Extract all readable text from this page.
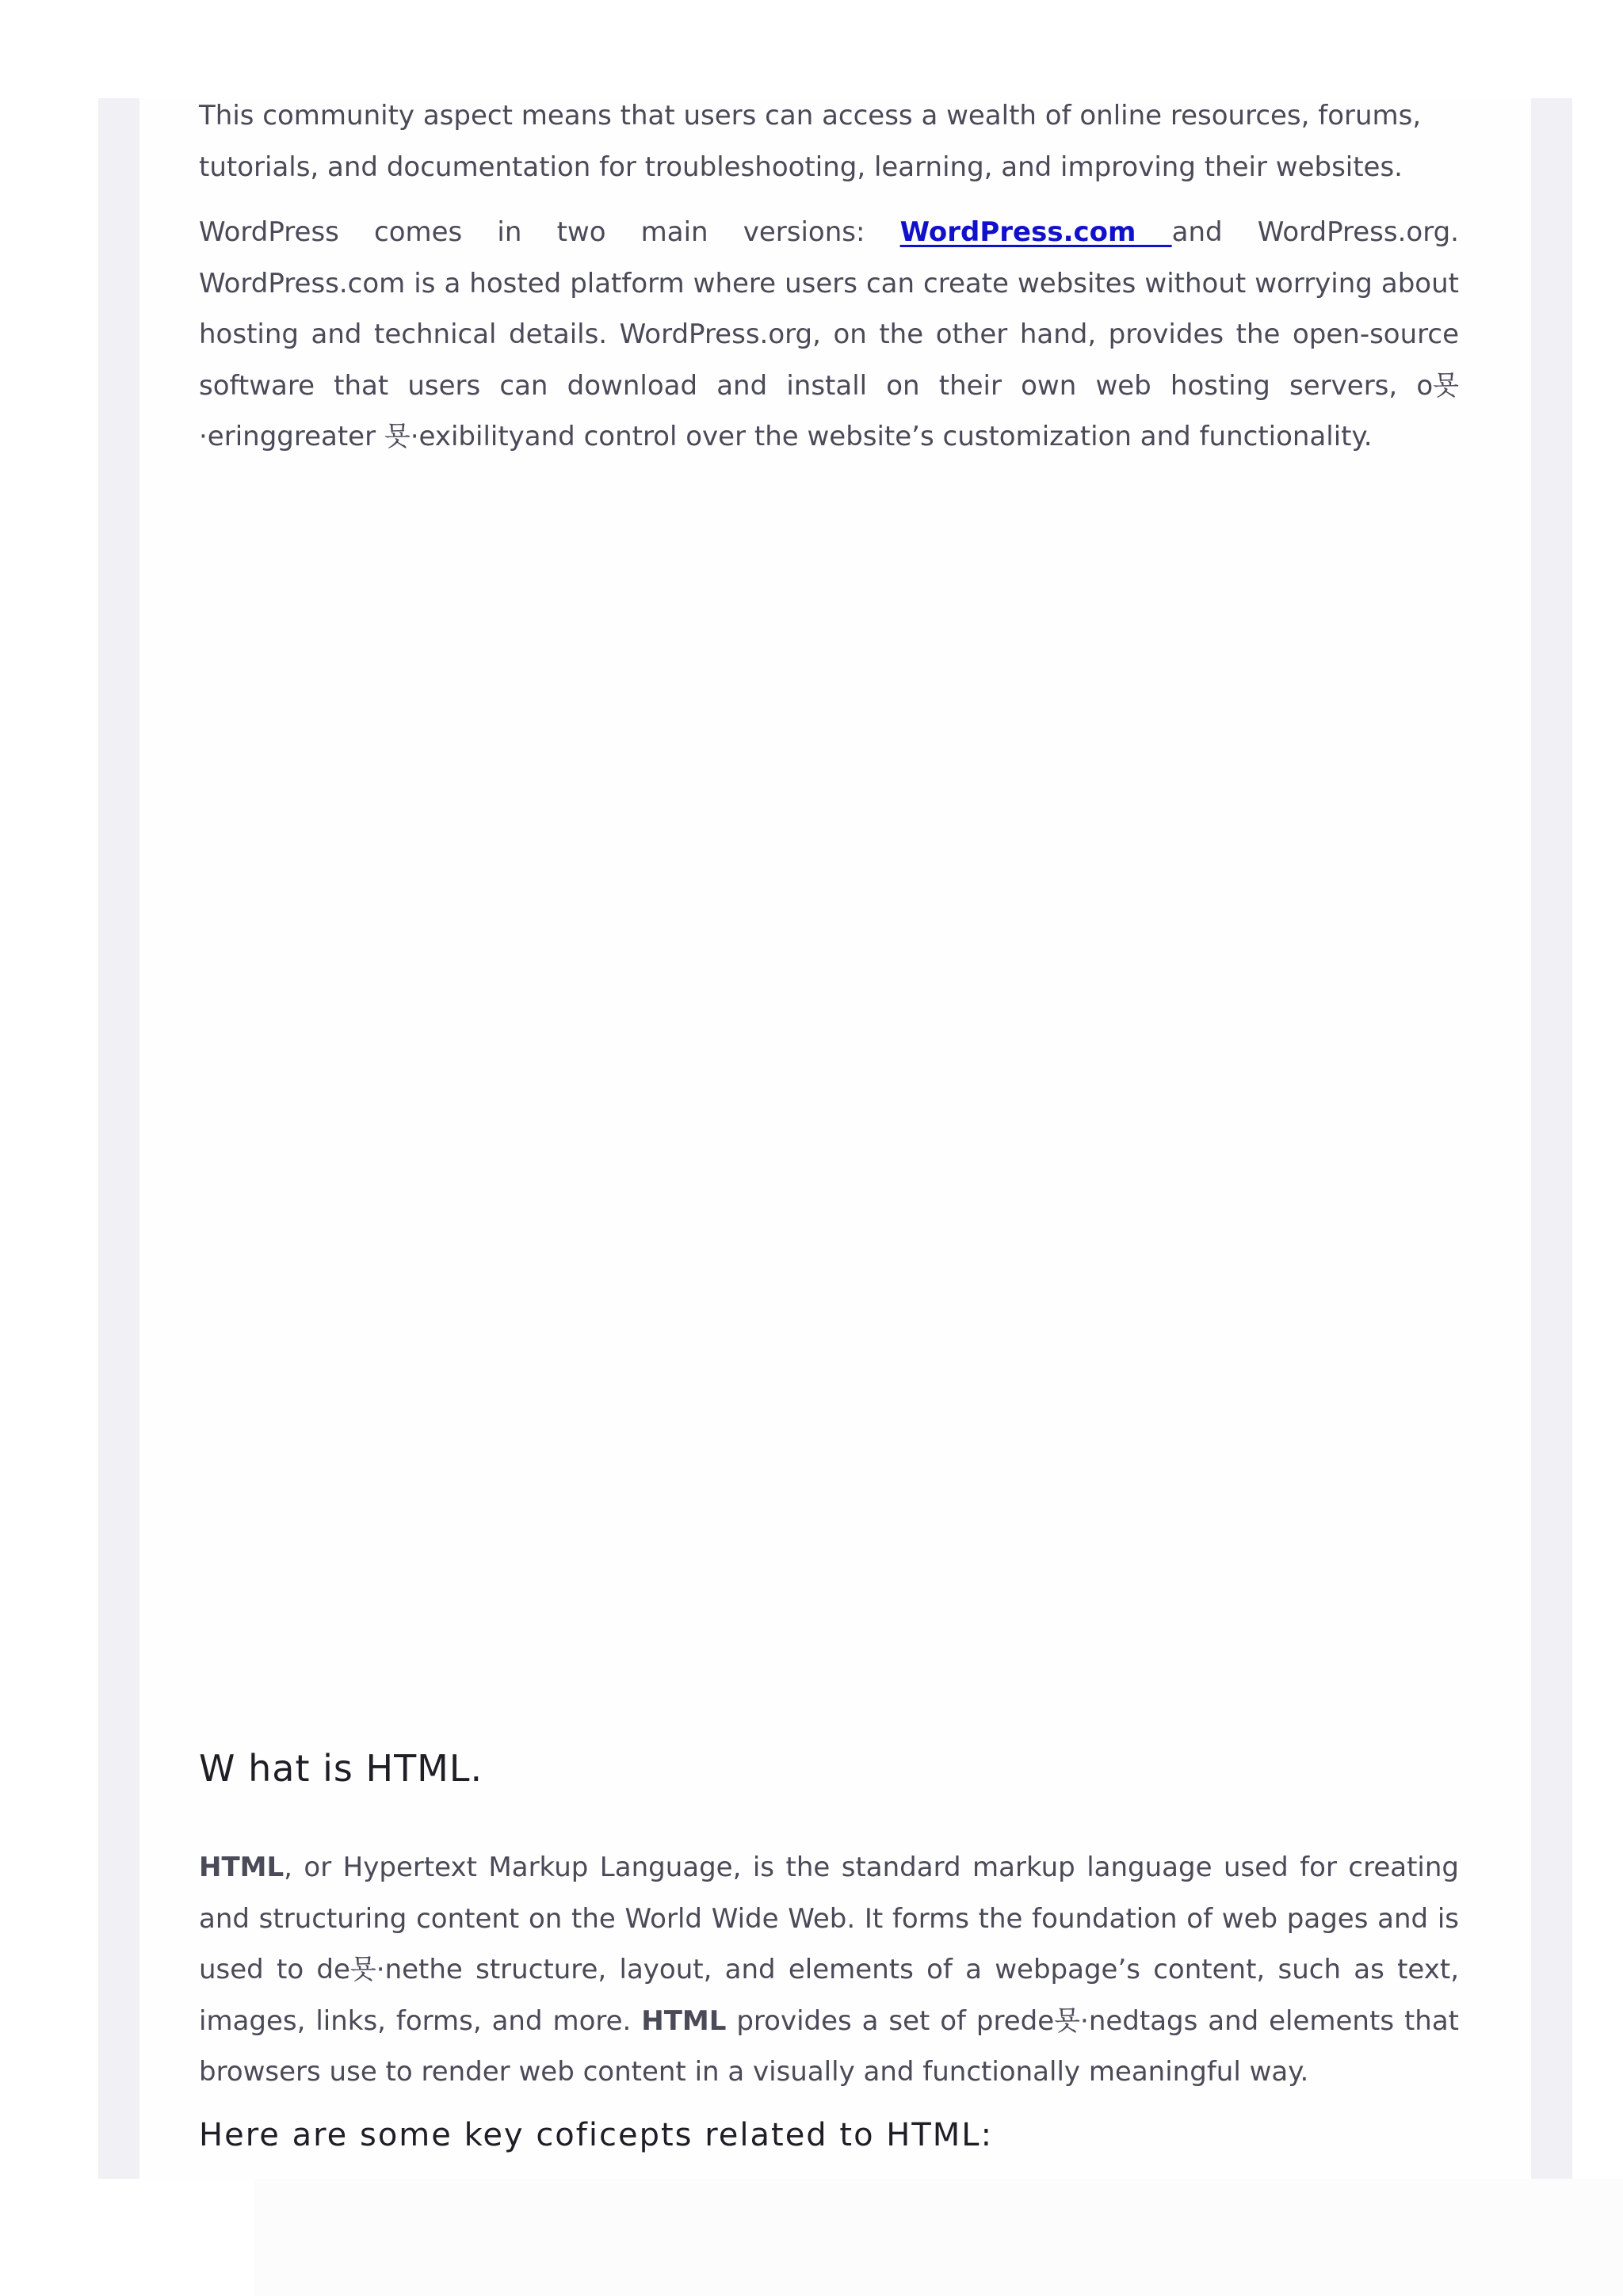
This community aspect means that users can access a wealth of online resources, forums, tutorials, and documentation for troubleshooting, learning, and improving their websites.

WordPress comes in two main versions: WordPress.com and WordPress.org. WordPress.com is a hosted platform where users can create websites without worrying about hosting and technical details. WordPress.org, on the other hand, provides the open-source software that users can download and install on their own web hosting servers, o묫·eringgreater 묫·exibilityand control over the website’s customization and functionality.

W hat is HTML.

HTML, or Hypertext Markup Language, is the standard markup language used for creating and structuring content on the World Wide Web. It forms the foundation of web pages and is used to de묫·nethe structure, layout, and elements of a webpage’s content, such as text, images, links, forms, and more. HTML provides a set of prede묫·nedtags and elements that browsers use to render web content in a visually and functionally meaningful way.

Here are some key coficepts related to HTML:
